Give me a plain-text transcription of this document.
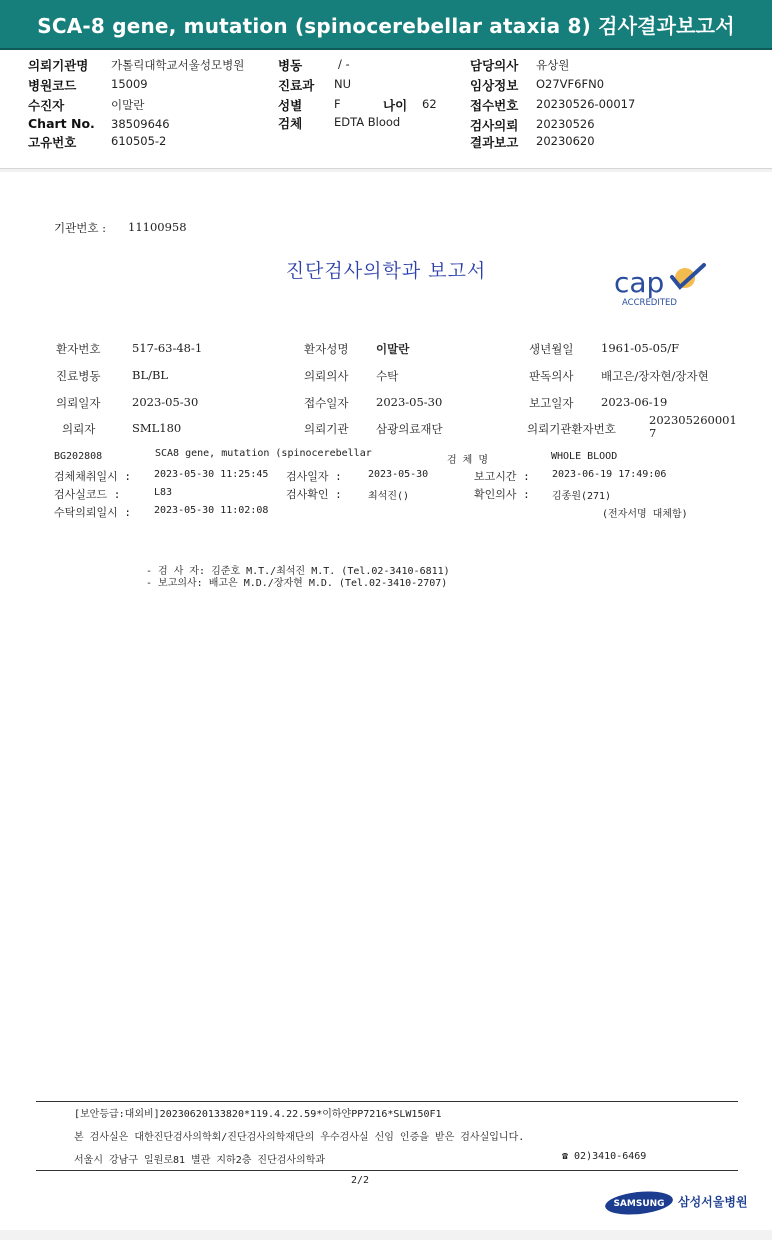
SCA-8 gene, mutation (spinocerebellar ataxia 8) 검사결과보고서
의뢰기관명 가톨릭대학교서울성모병원
병원코드	15009
수진자	이말란
Chart No. 38509646
고유번호	610505-2
병동	/ -
진료과 NU
성별	F	나이 62
검체	EDTA Blood
담당의사 유상원
임상정보 O27VF6FN0
접수번호 20230526-00017
검사의뢰 20230526
결과보고 20230620
기관번호 : 11100958
진단검사의학과 보고서	cap
ACCREDITED
환자번호	517-63-48-1	환자성명 이말란	생년월일 1961-05-05/F
진료병동	BL/BL	의뢰의사 수탁	판독의사 배고은/장자현/장자현
의뢰일자	2023-05-30	접수일자 2023-05-30	보고일자 2023-06-19
의뢰자	SML180	의뢰기관 삼광의료재단	의뢰기관환자번호
202305260001
7
BG202808	SCA8 gene, mutation (spinocerebellar
검 체 명	WHOLE BLOOD
검체채취일시 : 2023-05-30 11:25:45 검사일자 :	2023-05-30	보고시간 : 2023-06-19 17:49:06
검사실코드 :	L83	검사확인 :	최석진()	확인의사 : 김종원(271)
수탁의뢰일시 : 2023-05-30 11:02:08	(전자서명 대체함)
- 검 사 자: 김준호 M.T./최석진 M.T. (Tel.02-3410-6811)
- 보고의사: 배고은 M.D./장자현 M.D. (Tel.02-3410-2707)
[보안등급:대외비]20230620133820*119.4.22.59*이하얀PP7216*SLW150F1
본 검사실은 대한진단검사의학회/진단검사의학재단의 우수검사실 신임 인증을 받은 검사실입니다.
서울시 강남구 일원로81 별관 지하2층 진단검사의학과	☎ 02)3410-6469
2/2
SAMSUNG 삼성서울병원
